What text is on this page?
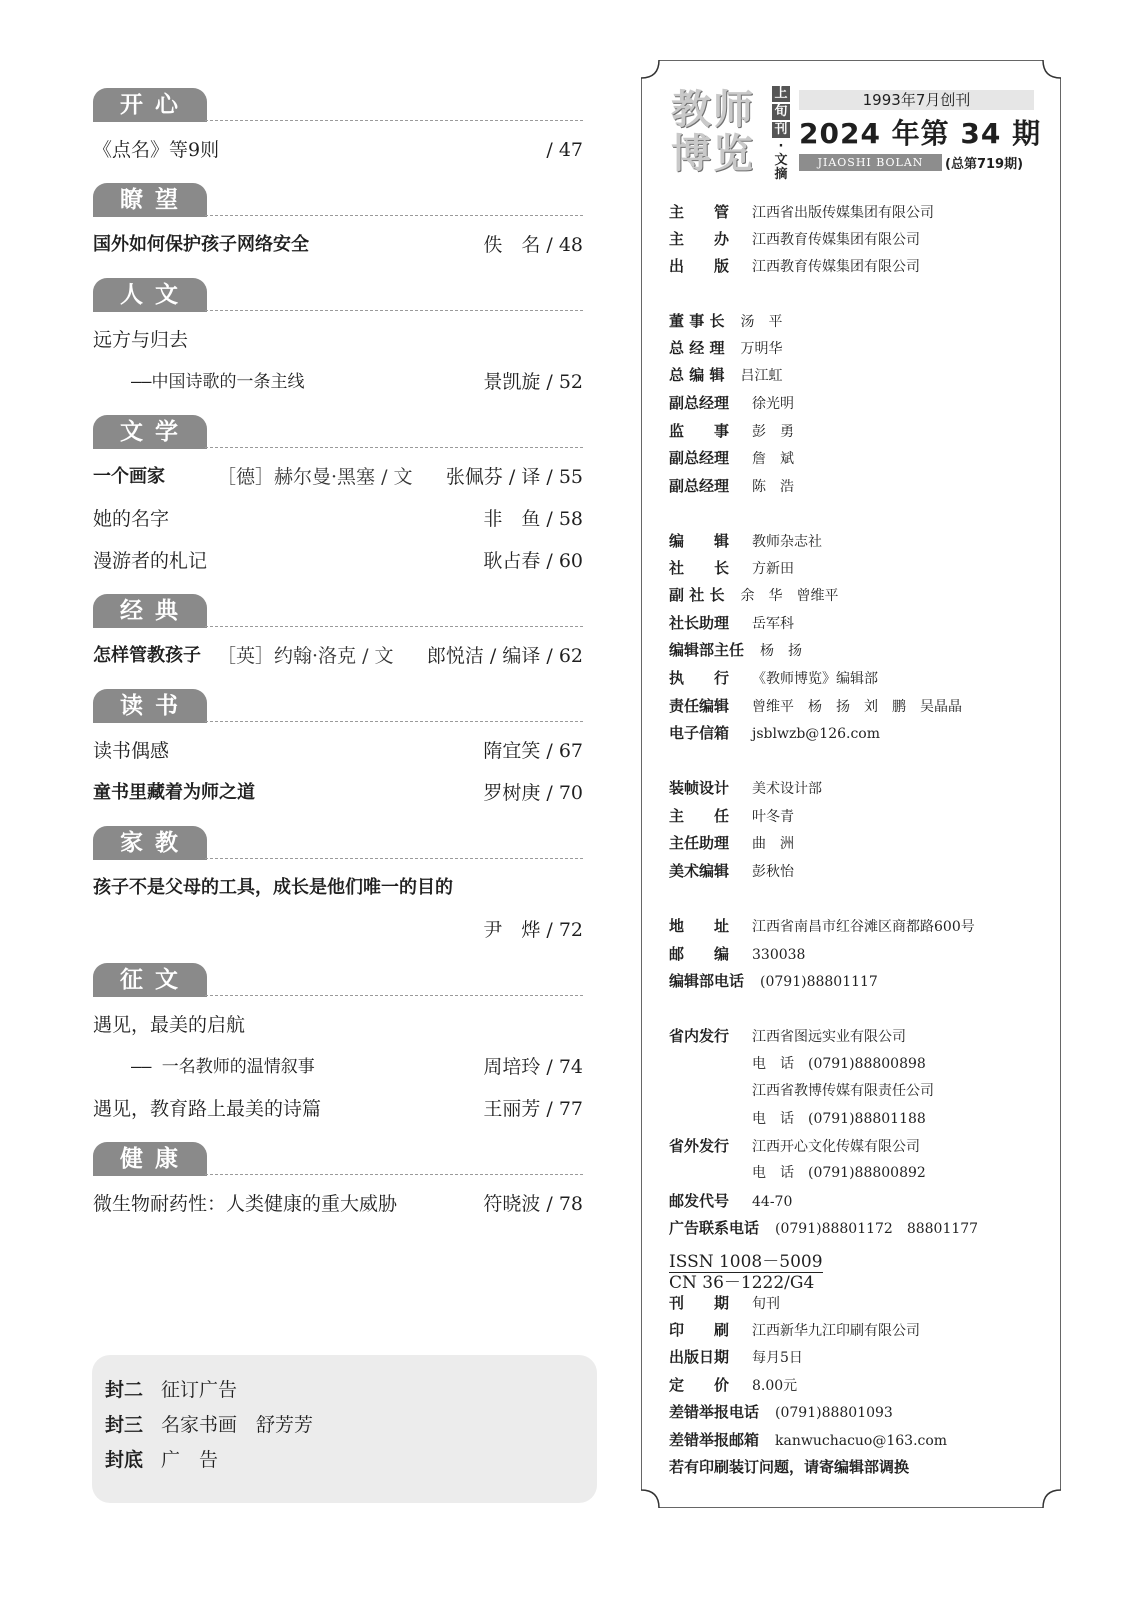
开心
《点名》等9则	/ 47
瞭望
国外如何保护孩子网络安全	佚　名 / 48
人文
远方与归去
——中国诗歌的一条主线	景凯旋 / 52
文学
一个画家	［德］赫尔曼·黑塞 / 文 张佩芬 / 译 / 55
她的名字	非　鱼 / 58
漫游者的札记	耿占春 / 60
经典
怎样管教孩子 ［英］约翰·洛克 / 文 郎悦洁 / 编译 / 62
读书
读书偶感	隋宜笑 / 67
童书里藏着为师之道	罗树庚 / 70
家教
孩子不是父母的工具，成长是他们唯一的目的
尹　烨 / 72
征文
遇见，最美的启航
—— 一名教师的温情叙事	周培玲 / 74
遇见，教育路上最美的诗篇	王丽芳 / 77
健康
微生物耐药性：人类健康的重大威胁	符晓波 / 78
封二 征订广告
封三 名家书画　舒芳芳
封底 广　告
教 师
博 览
上
旬
刊
·
文
摘
1993年7月创刊
2024 年第 34 期
JIAOSHI BOLAN	(总第719期)
主　　管 江西省出版传媒集团有限公司
主　　办 江西教育传媒集团有限公司
出　　版 江西教育传媒集团有限公司
董 事 长 汤　平
总 经 理 万明华
总 编 辑 吕江虹
副总经理 徐光明
监　　事 彭　勇
副总经理 詹　斌
副总经理 陈　浩
编　　辑 教师杂志社
社　　长 方新田
副 社 长 余　华　曾维平
社长助理 岳军科
编辑部主任 杨　扬
执　　行 《教师博览》编辑部
责任编辑 曾维平　杨　扬　刘　鹏　吴晶晶
电子信箱 jsblwzb@126.com
装帧设计 美术设计部
主　　任 叶冬青
主任助理 曲　洲
美术编辑 彭秋怡
地　　址 江西省南昌市红谷滩区商都路600号
邮　　编 330038
编辑部电话 (0791)88801117
省内发行 江西省图远实业有限公司
电　话　(0791)88800898
江西省教博传媒有限责任公司
电　话　(0791)88801188
省外发行 江西开心文化传媒有限公司
电　话　(0791)88800892
邮发代号 44-70
广告联系电话 (0791)88801172　88801177
刊　　期 旬刊
印　　刷 江西新华九江印刷有限公司
出版日期 每月5日
定　　价 8.00元
差错举报电话 (0791)88801093
差错举报邮箱 kanwuchacuo@163.com
若有印刷装订问题，请寄编辑部调换
ISSN 1008－5009
CN 36－1222/G4
